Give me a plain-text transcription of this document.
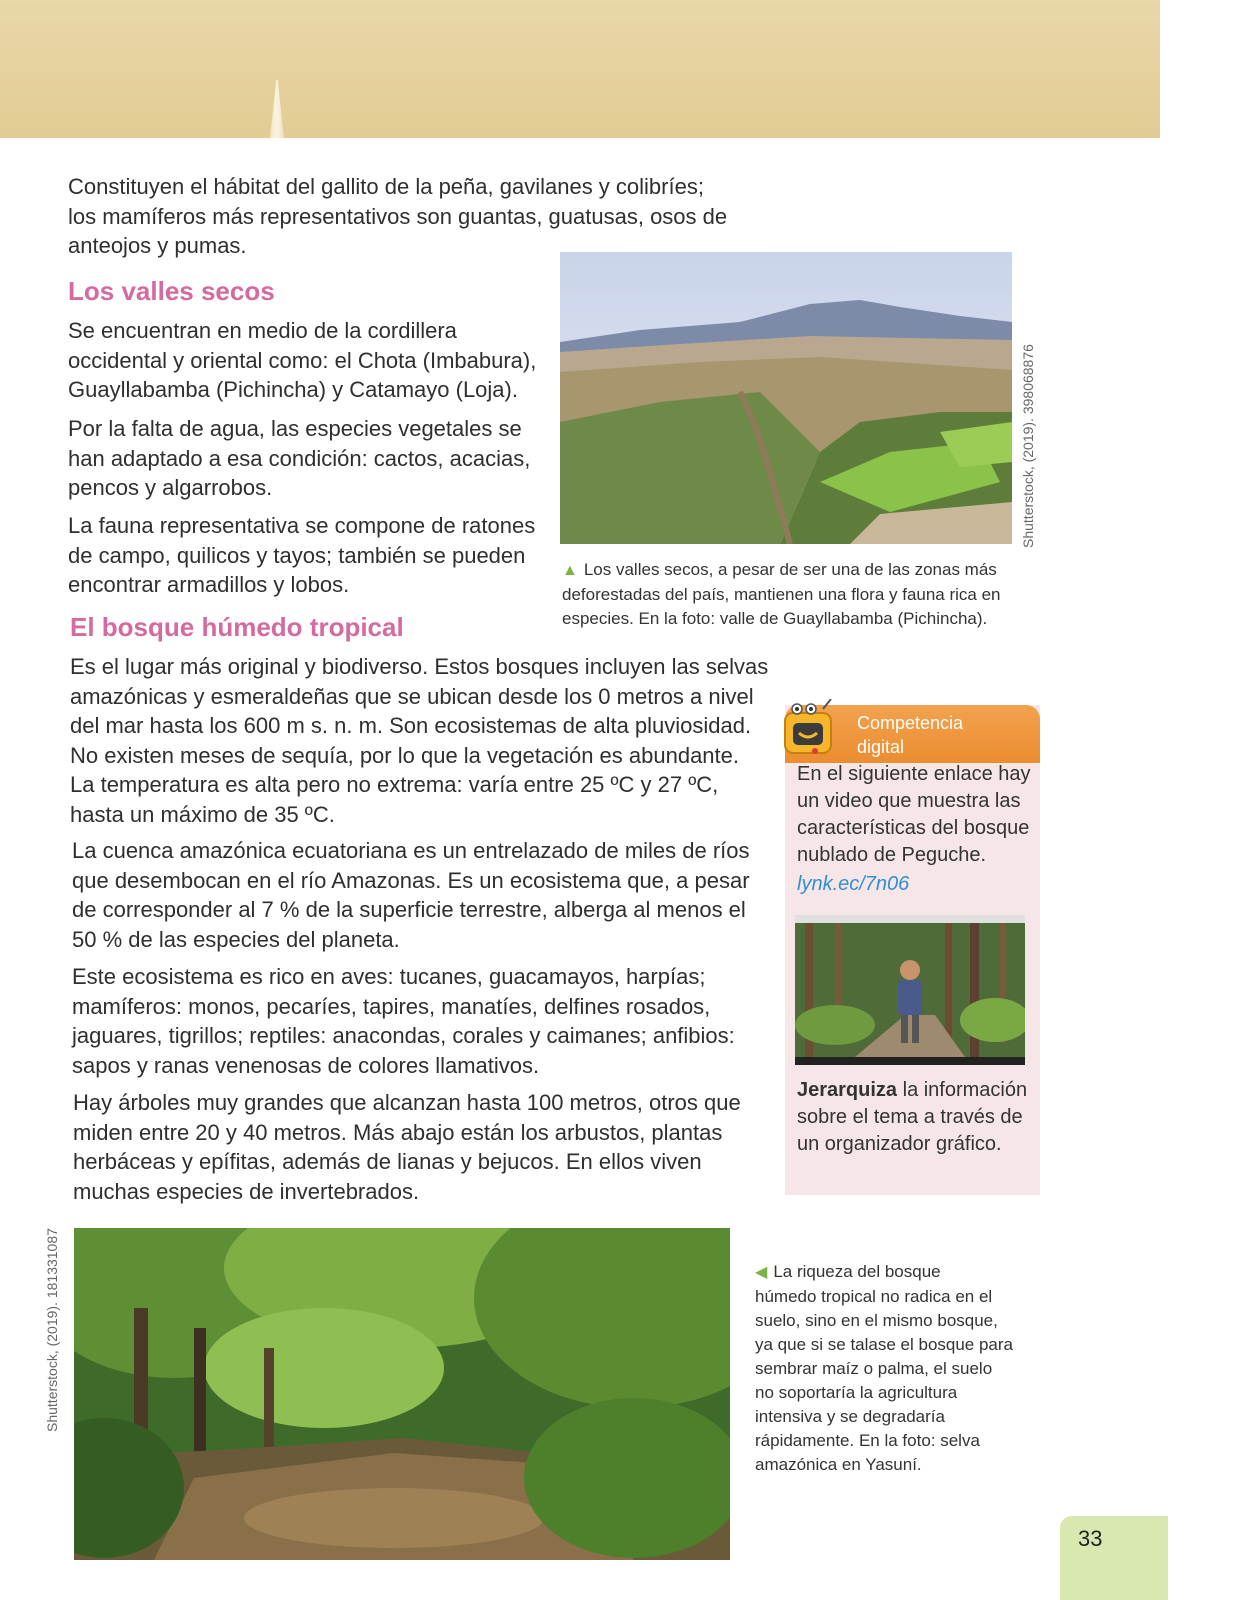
Constituyen el hábitat del gallito de la peña, gavilanes y colibríes;
los mamíferos más representativos son guantas, guatusas, osos de
anteojos y pumas.

Los valles secos

Se encuentran en medio de la cordillera
occidental y oriental como: el Chota (Imbabura),
Guayllabamba (Pichincha) y Catamayo (Loja).

Por la falta de agua, las especies vegetales se
han adaptado a esa condición: cactos, acacias,
pencos y algarrobos.

La fauna representativa se compone de ratones
de campo, quilicos y tayos; también se pueden
encontrar armadillos y lobos.

Shutterstock, (2019). 398068876

▲ Los valles secos, a pesar de ser una de las zonas más
deforestadas del país, mantienen una flora y fauna rica en
especies. En la foto: valle de Guayllabamba (Pichincha).

El bosque húmedo tropical

Es el lugar más original y biodiverso. Estos bosques incluyen las selvas
amazónicas y esmeraldeñas que se ubican desde los 0 metros a nivel
del mar hasta los 600 m s. n. m. Son ecosistemas de alta pluviosidad.
No existen meses de sequía, por lo que la vegetación es abundante.
La temperatura es alta pero no extrema: varía entre 25 ºC y 27 ºC,
hasta un máximo de 35 ºC.

La cuenca amazónica ecuatoriana es un entrelazado de miles de ríos
que desembocan en el río Amazonas. Es un ecosistema que, a pesar
de corresponder al 7 % de la superficie terrestre, alberga al menos el
50 % de las especies del planeta.

Este ecosistema es rico en aves: tucanes, guacamayos, harpías;
mamíferos: monos, pecaríes, tapires, manatíes, delfines rosados,
jaguares, tigrillos; reptiles: anacondas, corales y caimanes; anfibios:
sapos y ranas venenosas de colores llamativos.

Hay árboles muy grandes que alcanzan hasta 100 metros, otros que
miden entre 20 y 40 metros. Más abajo están los arbustos, plantas
herbáceas y epífitas, además de lianas y bejucos. En ellos viven
muchas especies de invertebrados.

Competencia
digital

En el siguiente enlace hay
un video que muestra las
características del bosque
nublado de Peguche.

lynk.ec/7n06

Jerarquiza la información
sobre el tema a través de
un organizador gráfico.

Shutterstock, (2019). 181331087	◀ La riqueza del bosque
húmedo tropical no radica en el
suelo, sino en el mismo bosque,
ya que si se talase el bosque para
sembrar maíz o palma, el suelo
no soportaría la agricultura
intensiva y se degradaría
rápidamente. En la foto: selva
amazónica en Yasuní.

33
